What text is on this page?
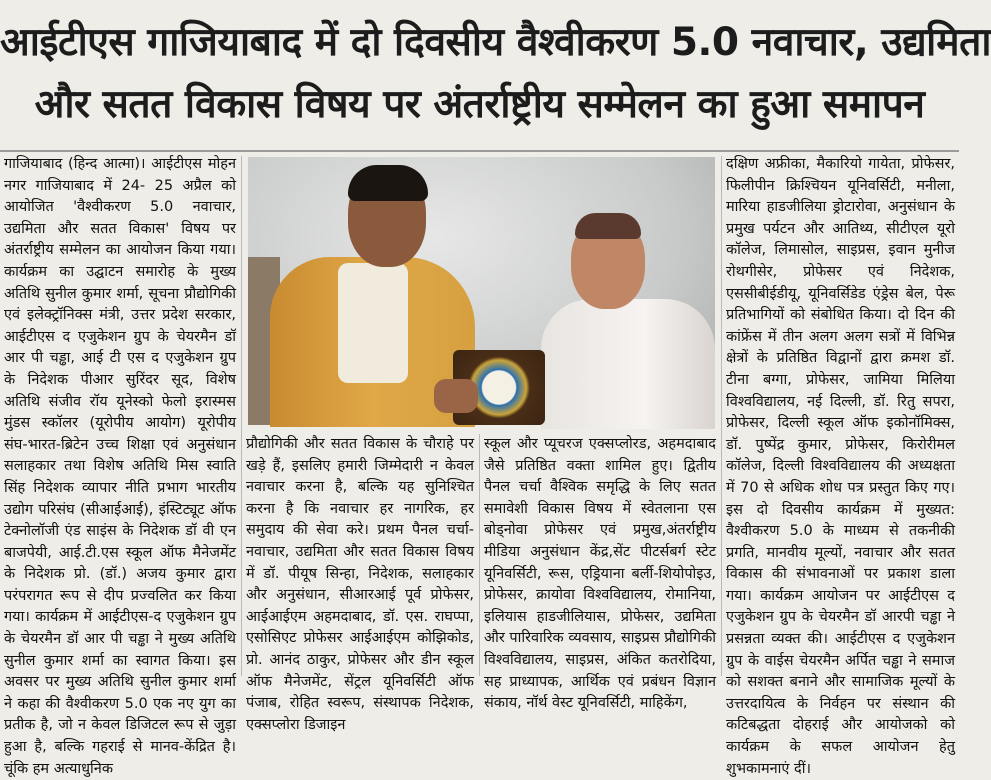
आईटीएस गाजियाबाद में दो दिवसीय वैश्वीकरण 5.0 नवाचार, उद्यमिता
और सतत विकास विषय पर अंतर्राष्ट्रीय सम्मेलन का हुआ समापन

गाजियाबाद (हिन्द आत्मा)। आईटीएस मोहन नगर गाजियाबाद में 24- 25 अप्रैल को आयोजित 'वैश्वीकरण 5.0 नवाचार, उद्यमिता और सतत विकास' विषय पर अंतर्राष्ट्रीय सम्मेलन का आयोजन किया गया। कार्यक्रम का उद्घाटन समारोह के मुख्य अतिथि सुनील कुमार शर्मा, सूचना प्रौद्योगिकी एवं इलेक्ट्रॉनिक्स मंत्री, उत्तर प्रदेश सरकार, आईटीएस द एजुकेशन ग्रुप के चेयरमैन डॉ आर पी चड्ढा, आई टी एस द एजुकेशन ग्रुप के निदेशक पीआर सुरिंदर सूद, विशेष अतिथि संजीव रॉय यूनेस्को फेलो इरास्मस मुंडस स्कॉलर (यूरोपीय आयोग) यूरोपीय संघ-भारत-ब्रिटेन उच्च शिक्षा एवं अनुसंधान सलाहकार तथा विशेष अतिथि मिस स्वाति सिंह निदेशक व्यापार नीति प्रभाग भारतीय उद्योग परिसंघ (सीआईआई), इंस्टिट्यूट ऑफ टेक्नोलॉजी एंड साइंस के निदेशक डॉ वी एन बाजपेयी, आई.टी.एस स्कूल ऑफ मैनेजमेंट के निदेशक प्रो. (डॉ.) अजय कुमार द्वारा परंपरागत रूप से दीप प्रज्वलित कर किया गया। कार्यक्रम में आईटीएस-द एजुकेशन ग्रुप के चेयरमैन डॉ आर पी चड्ढा ने मुख्य अतिथि सुनील कुमार शर्मा का स्वागत किया। इस अवसर पर मुख्य अतिथि सुनील कुमार शर्मा ने कहा की वैश्वीकरण 5.0 एक नए युग का प्रतीक है, जो न केवल डिजिटल रूप से जुड़ा हुआ है, बल्कि गहराई से मानव-केंद्रित है। चूंकि हम अत्याधुनिक

प्रौद्योगिकी और सतत विकास के चौराहे पर खड़े हैं, इसलिए हमारी जिम्मेदारी न केवल नवाचार करना है, बल्कि यह सुनिश्चित करना है कि नवाचार हर नागरिक, हर समुदाय की सेवा करे। प्रथम पैनल चर्चा- नवाचार, उद्यमिता और सतत विकास विषय में डॉ. पीयूष सिन्हा, निदेशक, सलाहकार और अनुसंधान, सीआरआई पूर्व प्रोफेसर, आईआईएम अहमदाबाद, डॉ. एस. राघप्पा, एसोसिएट प्रोफेसर आईआईएम कोझिकोड, प्रो. आनंद ठाकुर, प्रोफेसर और डीन स्कूल ऑफ मैनेजमेंट, सेंट्रल यूनिवर्सिटी ऑफ पंजाब, रोहित स्वरूप, संस्थापक निदेशक, एक्सप्लोरा डिजाइन

स्कूल और प्यूचरज एक्सप्लोरड, अहमदाबाद जैसे प्रतिष्ठित वक्ता शामिल हुए। द्वितीय पैनल चर्चा वैश्विक समृद्धि के लिए सतत समावेशी विकास विषय में स्वेतलाना एस बोड्नोवा प्रोफेसर एवं प्रमुख,अंतर्राष्ट्रीय मीडिया अनुसंधान केंद्र,सेंट पीटर्सबर्ग स्टेट यूनिवर्सिटी, रूस, एड्रियाना बर्ली-शियोपोइउ, प्रोफेसर, क्रायोवा विश्वविद्यालय, रोमानिया, इलियास हाडजीलियास, प्रोफेसर, उद्यमिता और पारिवारिक व्यवसाय, साइप्रस प्रौद्योगिकी विश्वविद्यालय, साइप्रस, अंकित कतरोदिया, सह प्राध्यापक, आर्थिक एवं प्रबंधन विज्ञान संकाय, नॉर्थ वेस्ट यूनिवर्सिटी, माहिकेंग,

दक्षिण अफ्रीका, मैकारियो गायेता, प्रोफेसर, फिलीपीन क्रिश्चियन यूनिवर्सिटी, मनीला, मारिया हाडजीलिया ड्रोटारोवा, अनुसंधान के प्रमुख पर्यटन और आतिथ्य, सीटीएल यूरो कॉलेज, लिमासोल, साइप्रस, इवान मुनीज रोथगीसेर, प्रोफेसर एवं निदेशक, एससीबीईडीयू, यूनिवर्सिडेड एंड्रेस बेल, पेरू प्रतिभागियों को संबोधित किया। दो दिन की कांफ्रेंस में तीन अलग अलग सत्रों में विभिन्न क्षेत्रों के प्रतिष्ठित विद्वानों द्वारा क्रमश डॉ. टीना बग्गा, प्रोफेसर, जामिया मिलिया विश्वविद्यालय, नई दिल्ली, डॉ. रितु सपरा, प्रोफेसर, दिल्ली स्कूल ऑफ इकोनॉमिक्स, डॉ. पुष्पेंद्र कुमार, प्रोफेसर, किरोरीमल कॉलेज, दिल्ली विश्वविद्यालय की अध्यक्षता में 70 से अधिक शोध पत्र प्रस्तुत किए गए। इस दो दिवसीय कार्यक्रम में मुख्यत: वैश्वीकरण 5.0 के माध्यम से तकनीकी प्रगति, मानवीय मूल्यों, नवाचार और सतत विकास की संभावनाओं पर प्रकाश डाला गया। कार्यक्रम आयोजन पर आईटीएस द एजुकेशन ग्रुप के चेयरमैन डॉ आरपी चड्ढा ने प्रसन्नता व्यक्त की। आईटीएस द एजुकेशन ग्रुप के वाईस चेयरमैन अर्पित चड्ढा ने समाज को सशक्त बनाने और सामाजिक मूल्यों के उत्तरदायित्व के निर्वहन पर संस्थान की कटिबद्धता दोहराई और आयोजको को कार्यक्रम के सफल आयोजन हेतु शुभकामनाएं दीं।
